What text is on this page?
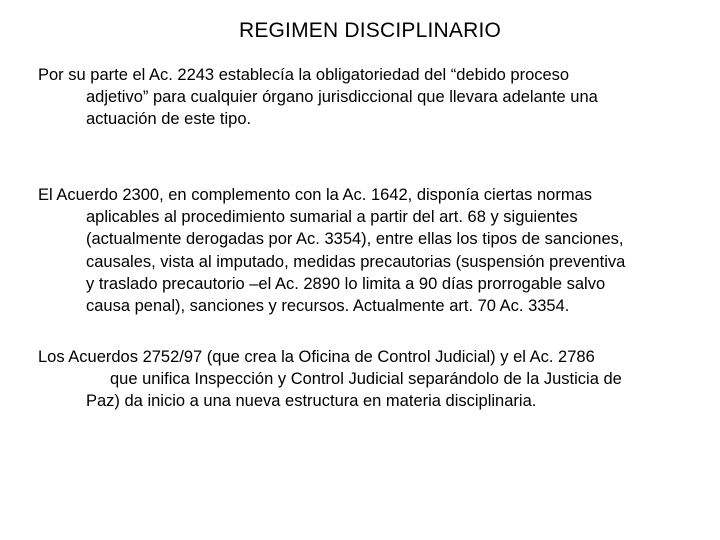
REGIMEN DISCIPLINARIO
Por su parte el Ac. 2243 establecía la obligatoriedad del “debido proceso
adjetivo” para cualquier órgano jurisdiccional que llevara adelante una
actuación de este tipo.
El Acuerdo 2300, en complemento con la Ac. 1642, disponía ciertas normas
aplicables al procedimiento sumarial a partir del art. 68 y siguientes
(actualmente derogadas por Ac. 3354), entre ellas los tipos de sanciones,
causales, vista al imputado, medidas precautorias (suspensión preventiva
y traslado precautorio –el Ac. 2890 lo limita a 90 días prorrogable salvo
causa penal), sanciones y recursos. Actualmente art. 70 Ac. 3354.
Los Acuerdos 2752/97 (que crea la Oficina de Control Judicial) y el Ac. 2786
que unifica Inspección y Control Judicial separándolo de la Justicia de
Paz) da inicio a una nueva estructura en materia disciplinaria.
